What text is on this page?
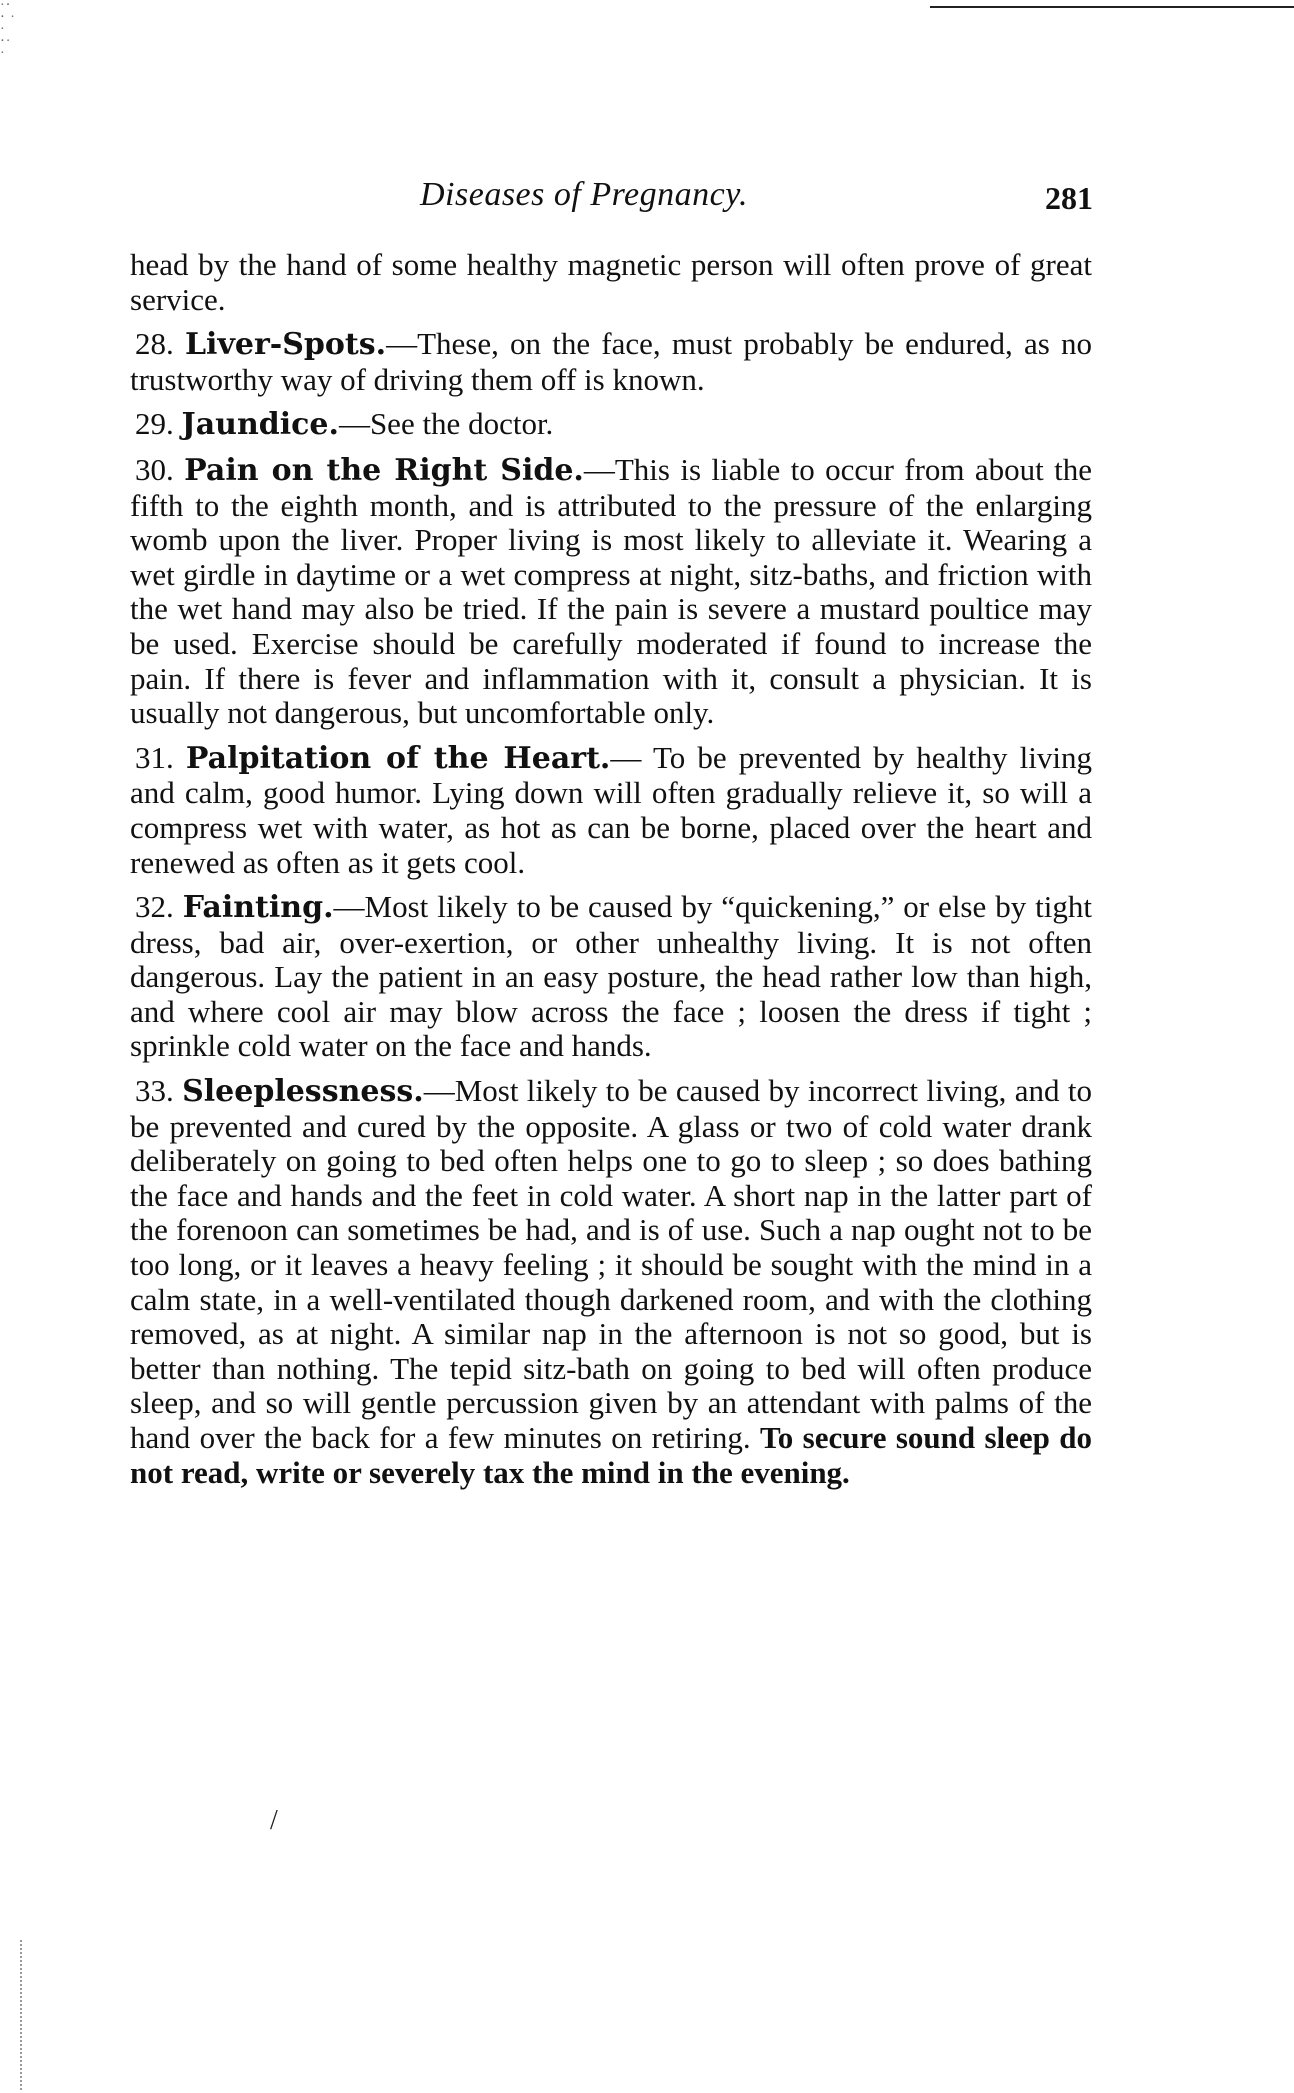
·⋅
⋅ ·
·
⋅·
·
Diseases of Pregnancy.	281

head by the hand of some healthy magnetic person will often prove of great service.

28. Liver-Spots.—These, on the face, must probably be endured, as no trustworthy way of driving them off is known.

29. Jaundice.—See the doctor.

30. Pain on the Right Side.—This is liable to occur from about the fifth to the eighth month, and is attributed to the pressure of the enlarging womb upon the liver. Proper living is most likely to alleviate it. Wearing a wet girdle in daytime or a wet compress at night, sitz-baths, and friction with the wet hand may also be tried. If the pain is severe a mustard poultice may be used. Exercise should be carefully moderated if found to increase the pain. If there is fever and inflammation with it, consult a physician. It is usually not dangerous, but uncomfortable only.

31. Palpitation of the Heart.— To be prevented by healthy living and calm, good humor. Lying down will often gradually relieve it, so will a compress wet with water, as hot as can be borne, placed over the heart and renewed as often as it gets cool.

32. Fainting.—Most likely to be caused by “quickening,” or else by tight dress, bad air, over-exertion, or other unhealthy living. It is not often dangerous. Lay the patient in an easy posture, the head rather low than high, and where cool air may blow across the face ; loosen the dress if tight ; sprinkle cold water on the face and hands.

33. Sleeplessness.—Most likely to be caused by incorrect living, and to be prevented and cured by the opposite. A glass or two of cold water drank deliberately on going to bed often helps one to go to sleep ; so does bathing the face and hands and the feet in cold water. A short nap in the latter part of the forenoon can sometimes be had, and is of use. Such a nap ought not to be too long, or it leaves a heavy feeling ; it should be sought with the mind in a calm state, in a well-ventilated though darkened room, and with the clothing removed, as at night. A similar nap in the afternoon is not so good, but is better than nothing. The tepid sitz-bath on going to bed will often produce sleep, and so will gentle percussion given by an attendant with palms of the hand over the back for a few minutes on retiring. To secure sound sleep do not read, write or severely tax the mind in the evening.

/
